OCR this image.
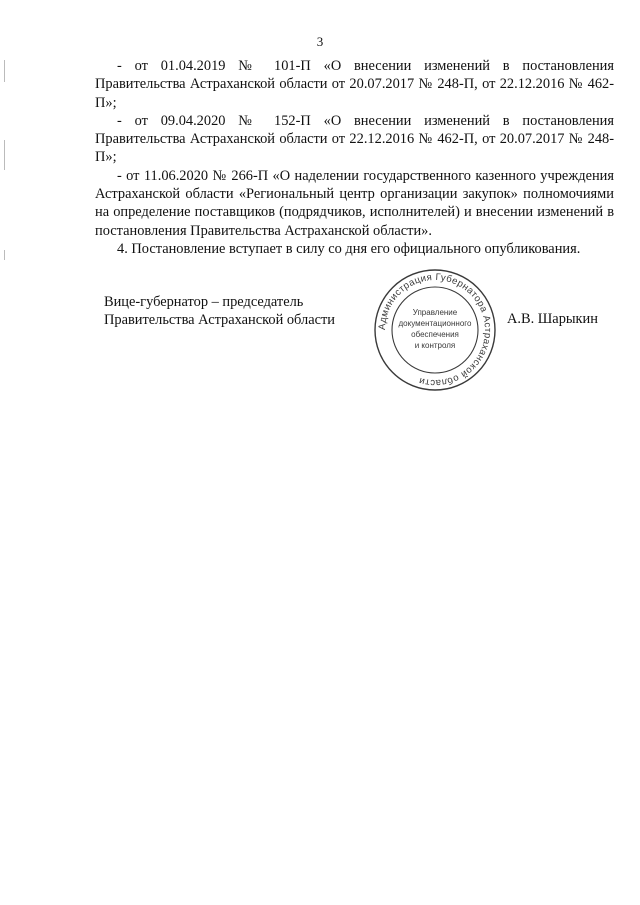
3

- от 01.04.2019 № 101-П «О внесении изменений в постановления Правительства Астраханской области от 20.07.2017 № 248-П, от 22.12.2016 № 462-П»;

- от 09.04.2020 № 152-П «О внесении изменений в постановления Правительства Астраханской области от 22.12.2016 № 462-П, от 20.07.2017 № 248-П»;

- от 11.06.2020 № 266-П «О наделении государственного казенного учреждения Астраханской области «Региональный центр организации закупок» полномочиями на определение поставщиков (подрядчиков, исполнителей) и внесении изменений в постановления Правительства Астраханской области».

4. Постановление вступает в силу со дня его официального опубликования.

Вице-губернатор – председатель
Правительства Астраханской области	А.В. Шарыкин
Администрация Губернатора Астраханской области
Управление
документационного
обеспечения
и контроля
